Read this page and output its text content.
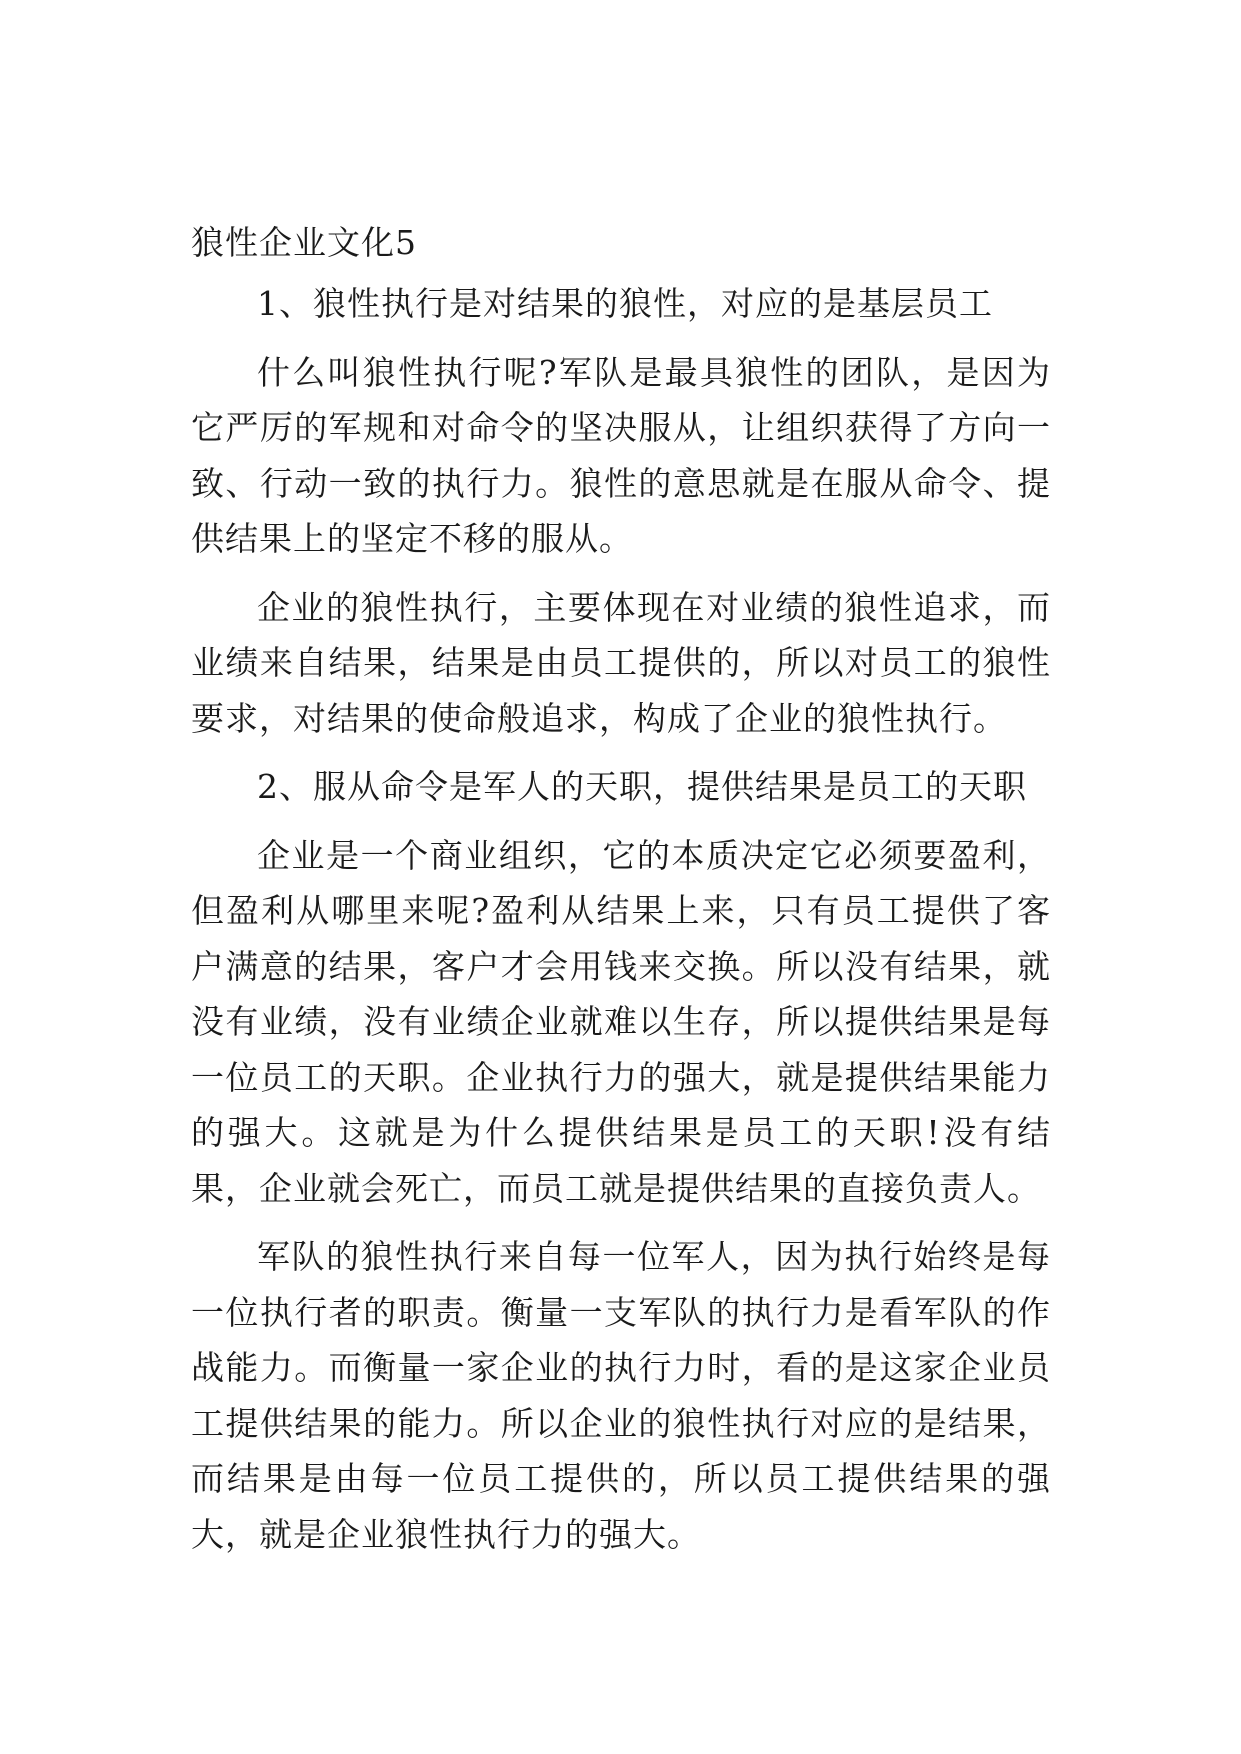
狼性企业文化5

1、狼性执行是对结果的狼性，对应的是基层员工

什么叫狼性执行呢?军队是最具狼性的团队，是因为它严厉的军规和对命令的坚决服从，让组织获得了方向一致、行动一致的执行力。狼性的意思就是在服从命令、提供结果上的坚定不移的服从。

企业的狼性执行，主要体现在对业绩的狼性追求，而业绩来自结果，结果是由员工提供的，所以对员工的狼性要求，对结果的使命般追求，构成了企业的狼性执行。

2、服从命令是军人的天职，提供结果是员工的天职

企业是一个商业组织，它的本质决定它必须要盈利，但盈利从哪里来呢?盈利从结果上来，只有员工提供了客户满意的结果，客户才会用钱来交换。所以没有结果，就没有业绩，没有业绩企业就难以生存，所以提供结果是每一位员工的天职。企业执行力的强大，就是提供结果能力的强大。这就是为什么提供结果是员工的天职!没有结果，企业就会死亡，而员工就是提供结果的直接负责人。

军队的狼性执行来自每一位军人，因为执行始终是每一位执行者的职责。衡量一支军队的执行力是看军队的作战能力。而衡量一家企业的执行力时，看的是这家企业员工提供结果的能力。所以企业的狼性执行对应的是结果，而结果是由每一位员工提供的，所以员工提供结果的强大，就是企业狼性执行力的强大。
